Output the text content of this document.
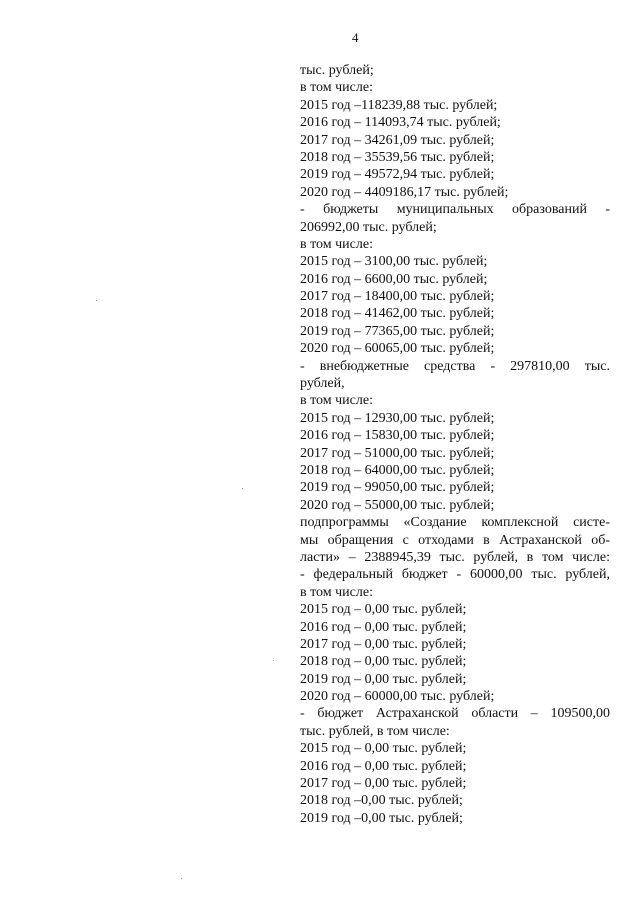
4
тыс. рублей;
в том числе:
2015 год –118239,88 тыс. рублей;
2016 год – 114093,74 тыс. рублей;
2017 год – 34261,09 тыс. рублей;
2018 год – 35539,56 тыс. рублей;
2019 год – 49572,94 тыс. рублей;
2020 год – 4409186,17 тыс. рублей;
- бюджеты муниципальных образований -
206992,00 тыс. рублей;
в том числе:
2015 год – 3100,00 тыс. рублей;
2016 год – 6600,00 тыс. рублей;
2017 год – 18400,00 тыс. рублей;
2018 год – 41462,00 тыс. рублей;
2019 год – 77365,00 тыс. рублей;
2020 год – 60065,00 тыс. рублей;
- внебюджетные средства - 297810,00 тыс.
рублей,
в том числе:
2015 год – 12930,00 тыс. рублей;
2016 год – 15830,00 тыс. рублей;
2017 год – 51000,00 тыс. рублей;
2018 год – 64000,00 тыс. рублей;
2019 год – 99050,00 тыс. рублей;
2020 год – 55000,00 тыс. рублей;
подпрограммы «Создание комплексной систе-
мы обращения с отходами в Астраханской об-
ласти» – 2388945,39 тыс. рублей, в том числе:
- федеральный бюджет - 60000,00 тыс. рублей,
в том числе:
2015 год – 0,00 тыс. рублей;
2016 год – 0,00 тыс. рублей;
2017 год – 0,00 тыс. рублей;
2018 год – 0,00 тыс. рублей;
2019 год – 0,00 тыс. рублей;
2020 год – 60000,00 тыс. рублей;
- бюджет Астраханской области – 109500,00
тыс. рублей, в том числе:
2015 год – 0,00 тыс. рублей;
2016 год – 0,00 тыс. рублей;
2017 год – 0,00 тыс. рублей;
2018 год –0,00 тыс. рублей;
2019 год –0,00 тыс. рублей;
